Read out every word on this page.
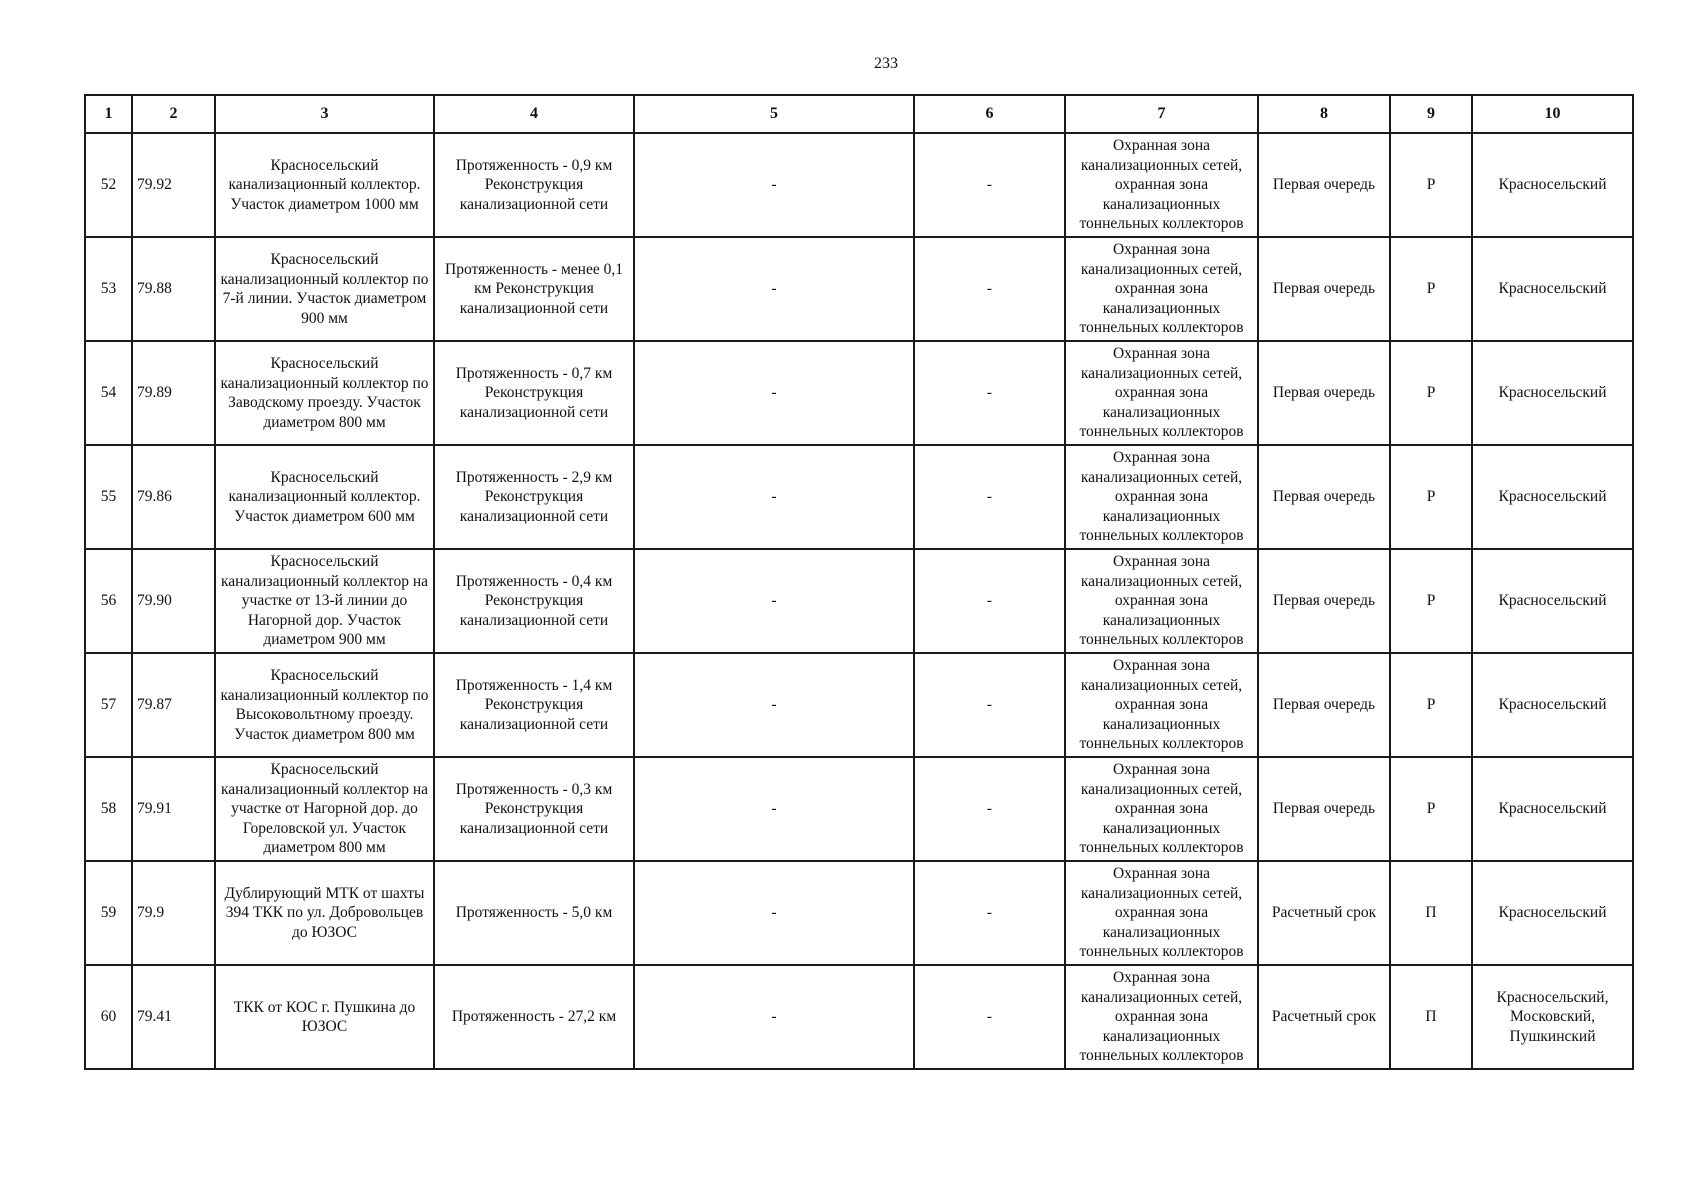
233
1	2	3	4	5	6	7	8	9	10
52	79.92	Красносельский канализационный коллектор. Участок диаметром 1000 мм	Протяженность - 0,9 км Реконструкция канализационной сети	-	-	Охранная зона канализационных сетей, охранная зона канализационных тоннельных коллекторов	Первая очередь	Р	Красносельский
53	79.88	Красносельский канализационный коллектор по 7-й линии. Участок диаметром 900 мм	Протяженность - менее 0,1 км Реконструкция канализационной сети	-	-	Охранная зона канализационных сетей, охранная зона канализационных тоннельных коллекторов	Первая очередь	Р	Красносельский
54	79.89	Красносельский канализационный коллектор по Заводскому проезду. Участок диаметром 800 мм	Протяженность - 0,7 км Реконструкция канализационной сети	-	-	Охранная зона канализационных сетей, охранная зона канализационных тоннельных коллекторов	Первая очередь	Р	Красносельский
55	79.86	Красносельский канализационный коллектор. Участок диаметром 600 мм	Протяженность - 2,9 км Реконструкция канализационной сети	-	-	Охранная зона канализационных сетей, охранная зона канализационных тоннельных коллекторов	Первая очередь	Р	Красносельский
56	79.90	Красносельский канализационный коллектор на участке от 13-й линии до Нагорной дор. Участок диаметром 900 мм	Протяженность - 0,4 км Реконструкция канализационной сети	-	-	Охранная зона канализационных сетей, охранная зона канализационных тоннельных коллекторов	Первая очередь	Р	Красносельский
57	79.87	Красносельский канализационный коллектор по Высоковольтному проезду. Участок диаметром 800 мм	Протяженность - 1,4 км Реконструкция канализационной сети	-	-	Охранная зона канализационных сетей, охранная зона канализационных тоннельных коллекторов	Первая очередь	Р	Красносельский
58	79.91	Красносельский канализационный коллектор на участке от Нагорной дор. до Гореловской ул. Участок диаметром 800 мм	Протяженность - 0,3 км Реконструкция канализационной сети	-	-	Охранная зона канализационных сетей, охранная зона канализационных тоннельных коллекторов	Первая очередь	Р	Красносельский
59	79.9	Дублирующий МТК от шахты 394 ТКК по ул. Добровольцев до ЮЗОС	Протяженность - 5,0 км	-	-	Охранная зона канализационных сетей, охранная зона канализационных тоннельных коллекторов	Расчетный срок	П	Красносельский
60	79.41	ТКК от КОС г. Пушкина до ЮЗОС	Протяженность - 27,2 км	-	-	Охранная зона канализационных сетей, охранная зона канализационных тоннельных коллекторов	Расчетный срок	П	Красносельский, Московский, Пушкинский
